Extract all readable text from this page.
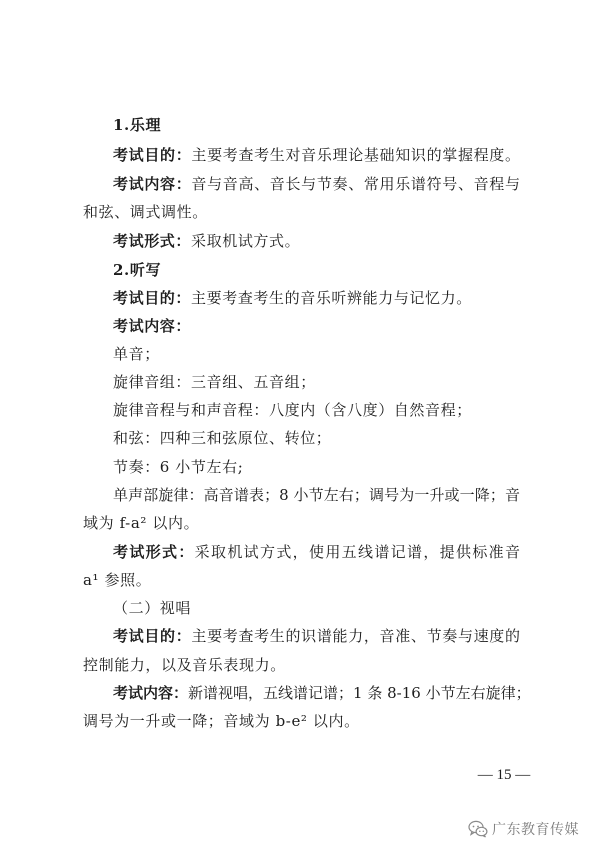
1.乐理
考试目的：主要考查考生对音乐理论基础知识的掌握程度。
考试内容：音与音高、音长与节奏、常用乐谱符号、音程与
和弦、调式调性。
考试形式：采取机试方式。
2.听写
考试目的：主要考查考生的音乐听辨能力与记忆力。
考试内容：
单音；
旋律音组：三音组、五音组；
旋律音程与和声音程：八度内（含八度）自然音程；
和弦：四种三和弦原位、转位；
节奏：6 小节左右;
单声部旋律：高音谱表；8 小节左右；调号为一升或一降；音
域为 f-a² 以内。
考试形式：采取机试方式，使用五线谱记谱，提供标准音
a¹ 参照。
（二）视唱
考试目的：主要考查考生的识谱能力，音准、节奏与速度的
控制能力，以及音乐表现力。
考试内容：新谱视唱，五线谱记谱；1 条 8-16 小节左右旋律；
调号为一升或一降；音域为 b-e² 以内。
— 15 —
广东教育传媒
